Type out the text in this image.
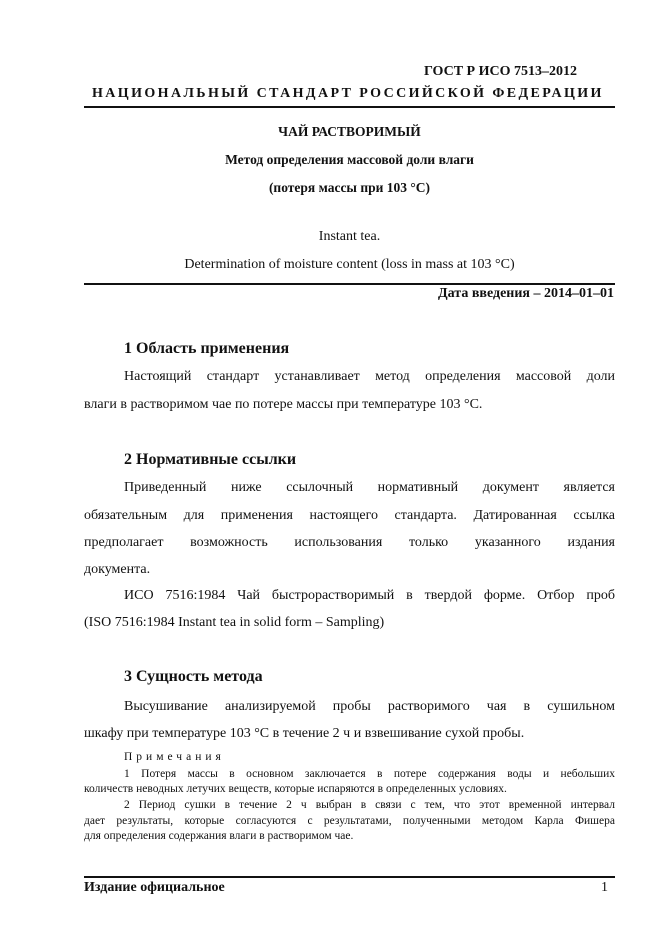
ГОСТ Р ИСО 7513–2012
НАЦИОНАЛЬНЫЙ СТАНДАРТ РОССИЙСКОЙ ФЕДЕРАЦИИ
ЧАЙ РАСТВОРИМЫЙ
Метод определения массовой доли влаги
(потеря массы при 103 °С)
Instant tea.
Determination of moisture content (loss in mass at 103 °C)
Дата введения – 2014–01–01
1 Область применения
Настоящий стандарт устанавливает метод определения массовой доли
влаги в растворимом чае по потере массы при температуре 103 °С.
2 Нормативные ссылки
Приведенный ниже ссылочный нормативный документ является
обязательным для применения настоящего стандарта. Датированная ссылка
предполагает возможность использования только указанного издания
документа.
ИСО 7516:1984 Чай быстрорастворимый в твердой форме. Отбор проб
(ISO 7516:1984 Instant tea in solid form – Sampling)
3 Сущность метода
Высушивание анализируемой пробы растворимого чая в сушильном
шкафу при температуре 103 °С в течение 2 ч и взвешивание сухой пробы.
Примечания
1 Потеря массы в основном заключается в потере содержания воды и небольших
количеств неводных летучих веществ, которые испаряются в определенных условиях.
2 Период сушки в течение 2 ч выбран в связи с тем, что этот временной интервал
дает результаты, которые согласуются с результатами, полученными методом Карла Фишера
для определения содержания влаги в растворимом чае.
Издание официальное	1
